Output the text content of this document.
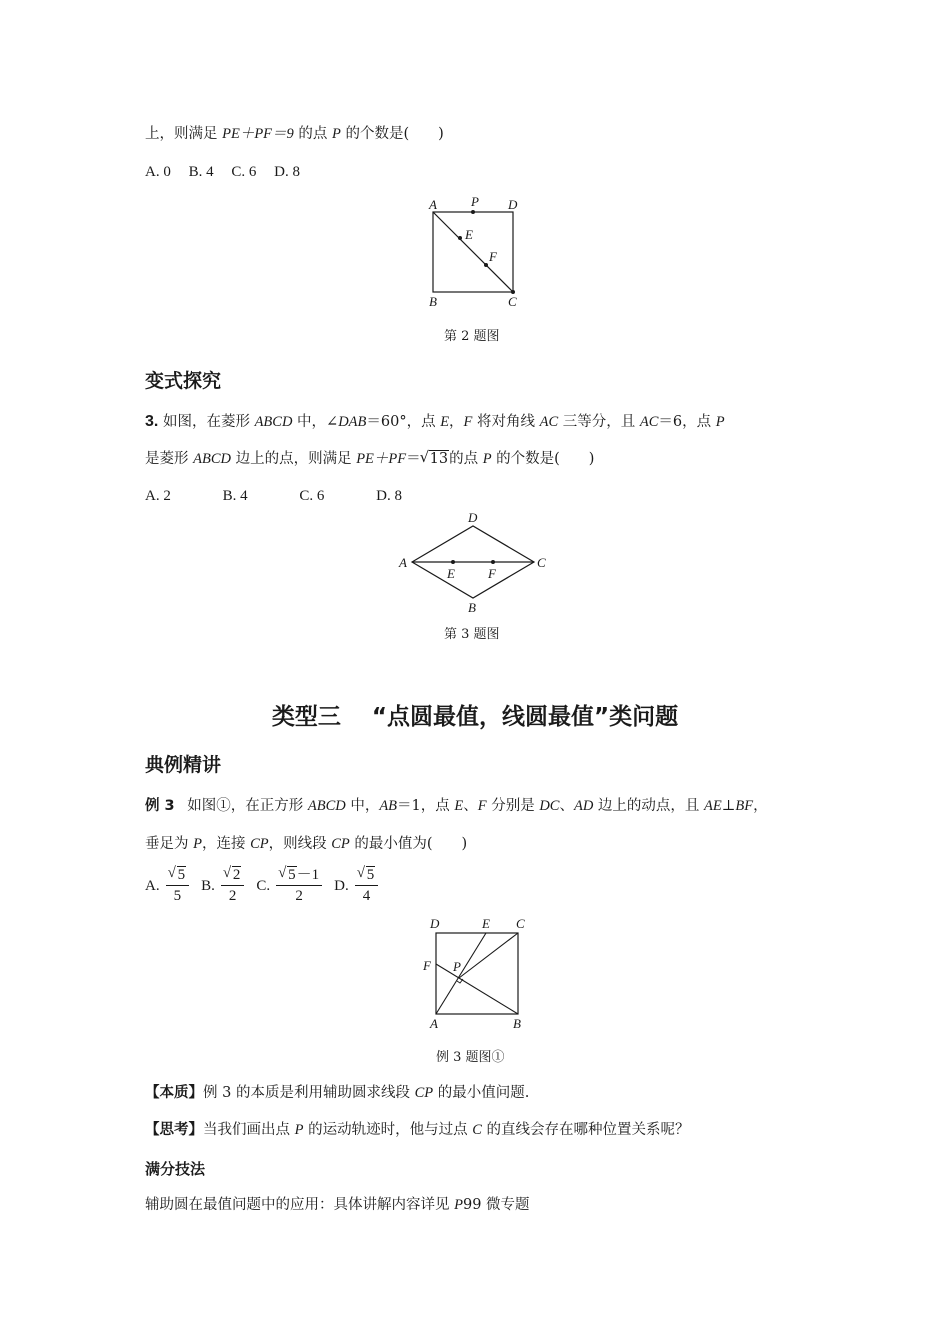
上，则满足 PE＋PF＝9 的点 P 的个数是(　　)
A. 0 B. 4 C. 6 D. 8
A	P D
E
F
B	C
第 2 题图
变式探究
3. 如图，在菱形 ABCD 中，∠DAB＝60°，点 E，F 将对角线 AC 三等分，且 AC＝6，点 P
是菱形 ABCD 边上的点，则满足 PE＋PF＝ √ 13的点 P 的个数是(　　)
A. 2	B. 4	C. 6	D. 8
A	C
D
B
E	F
第 3 题图
类型三　 “点圆最值，线圆最值”类问题
典例精讲
例 3 如图①，在正方形 ABCD 中，AB＝1，点 E、F 分别是 DC、AD 边上的动点，且 AE⊥BF，
垂足为 P，连接 CP，则线段 CP 的最小值为(　　)
A. √ $\frac{5}{5} B$. √ $\frac{2}{2} C$. √ $\frac{5-1}{2} D$. √ $\frac{5}{4}$
D	E C
F P
A	B
例 3 题图①
【本质】例 3 的本质是利用辅助圆求线段 CP 的最小值问题.
【思考】当我们画出点 P 的运动轨迹时，他与过点 C 的直线会存在哪种位置关系呢？
满分技法
辅助圆在最值问题中的应用：具体讲解内容详见 P99 微专题
